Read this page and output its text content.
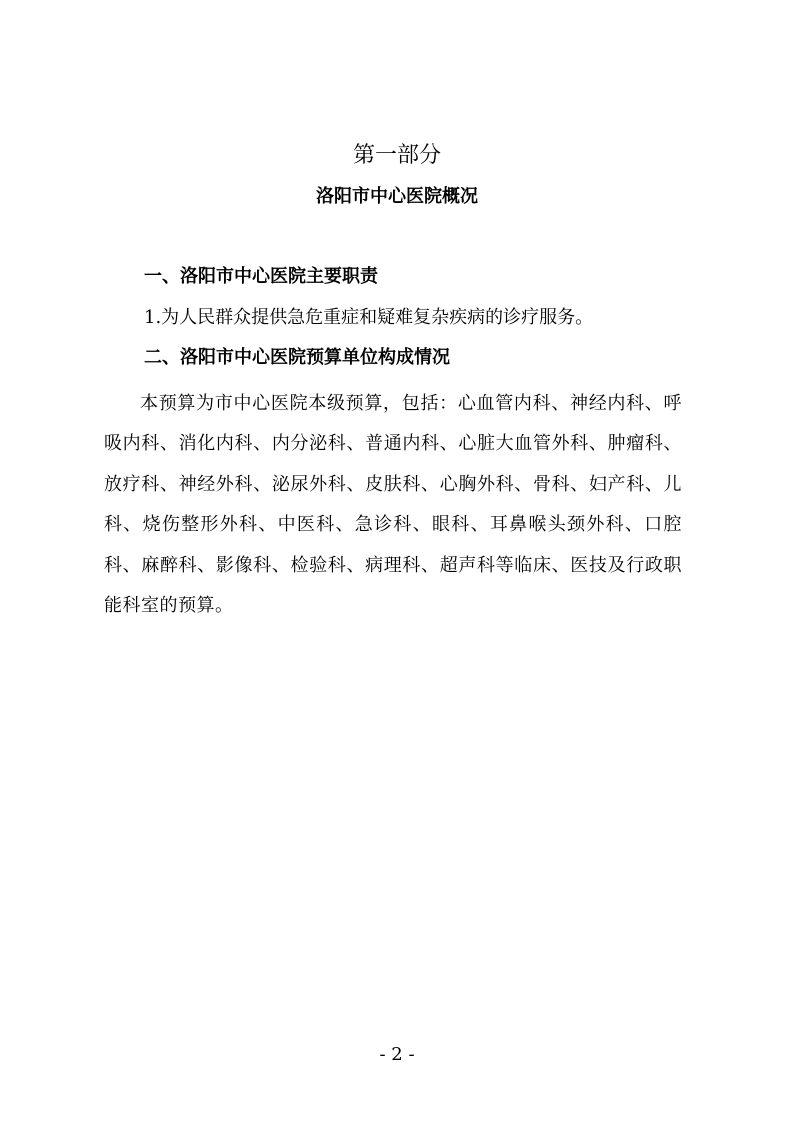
第一部分
洛阳市中心医院概况
一、洛阳市中心医院主要职责

1.为人民群众提供急危重症和疑难复杂疾病的诊疗服务。

二、洛阳市中心医院预算单位构成情况

本预算为市中心医院本级预算，包括：心血管内科、神经内科、呼吸内科、消化内科、内分泌科、普通内科、心脏大血管外科、肿瘤科、放疗科、神经外科、泌尿外科、皮肤科、心胸外科、骨科、妇产科、儿科、烧伤整形外科、中医科、急诊科、眼科、耳鼻喉头颈外科、口腔科、麻醉科、影像科、检验科、病理科、超声科等临床、医技及行政职能科室的预算。

- 2 -
